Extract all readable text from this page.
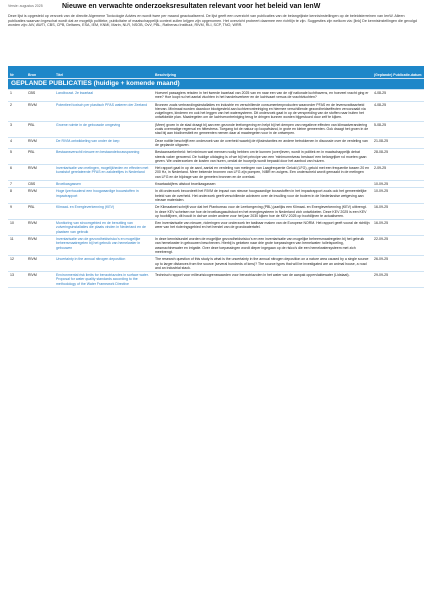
Versie: augustus 2025	Nieuwe en verwachte onderzoeksresultaten relevant voor het beleid van IenW
Deze lijst is opgesteld op verzoek van de directie Algemene Toxicologie Advies en wordt twee per maand geactualiseerd. De lijst geeft een overzicht van publicaties van de belangrijkste kennisinstellingen op de beleidsterreinen van IenW. Alleen publicaties waarvan ingeschat wordt dat ze mogelijk politieke, publicitaire of maatschappelijk context zullen krijgen zijn opgenomen. Het overzicht probeert daarmee een richtlijn te zijn. Suggesties zijn welkom via: [link] De kennisinstellingen die gevolgd worden zijn: AIV, AWTI, CBS, CPB, Deltares, ESA, IEM, KNMI, Marin, NLR, NSOB, OvV, PBL, Rathenau Instituut, RIVM, RLI, SCP, TNO, WRR.
Nr	Bron	Titel	Beschrijving	(Geplande) Publicatie-datum
GEPLANDE PUBLICATIES (huidige + komende maand)				
1	CBS	Landbouwt. 2e kwartaal	Hoeveel passagiers reisden in het tweede kwartaal van 2025 van en naar een van de vijf nationale luchthavens, en hoeveel vracht ging er mee? Hoe loopt nu het aantal vluchten in het handelsverkeer en de luchtvaart versus de vrachtvluchten?	4-08-25
2	RIVM	Potentieel toxisch per plastisch PFAS wateren der Zeeland	Bronnen zoals verbrandingsinstallaties en industrie en verschillende consumentenproducten waaronder PFAS en de levensvatbaarheid hiervan. Minimaal worden daardoor blootgesteld aan luchtverontreiniging en hiermee verschillende gezondheidseffecten veroorzaakt via zuigelingen, kinderen en ook het leggen van het watersysteem. Dit onderzoek gaat in op de verspreiding van de stoffen naar buiten het ontwikkelde plan. Maatregelen om de luchtverontreiniging terug te dringen kunnen worden bijgestuurd door zelf te kijken.	4-08-25
3	PBL	Groene ruimte in de gebouwde omgeving	(Meer) groen in de stad draagt bij aan een gezonde leefomgeving en helpt bij het dempen van negatieve effecten van klimaatverandering zoals overmatige regenval en hittestress. Toegang tot de natuur op loopafstand, in grote en kleine gemeenten. Ook draagt het groen in de stad bij aan biodiversiteit en gemeenten nemen daar al maatregelen voor in de ontwerpen.	5-08-25
4	RIVM	De RIVM-ontwikkeling van onder de loep	Deze notitie beschrijft een onderzoek van de overheid waarbij de rijksinstanties en andere betrokkenen in discussie over de verdeling van de geplande uitgaven.	21-08-25
5	PBL	Bestaansverschil nieuwe en bestaandebouwspanning	Bestaanszekerheid: het minimum wat mensen nodig hebben om te kunnen (over)leven, wordt in politiek en in maatschappelijk debat steeds vaker genoemd. De huidige uitdaging is of we bij het principe van een 'minimumniveau bestaan' een belangrijker rol moeten gaan geven. We onderzoeken de kosten van huren, omdat de huurprijs wordt bepaald door het aanbod van huizen.	28-08-25
6	RIVM	Inventarisatie van metingen, mogelijkheden en effecten met kunststof gerelateerde PFAS en zakdeeltjes in Nederland	Het rapport gaat in op de aard, aantal en verdeling van metingen van Laagfrequente Geluid (LFG), geluid met een frequentie tussen 20 en 200 Hz, in Nederland. Meer bekende bronnen van LFG zijn pompen, NIBR en zuigers. Een onderscheid wordt gemaakt in de metingen van LFG en de bijdrage van de gemeten bronnen en de overlast.	2-09-25
7	CBS	Broeikasgassen	Kwartaalcijfers uitstoot broeikasgassen	10-09-25
8	RIVM	Hoge ijzerhoudend een hoogwaardige bouwstoffen in impactrapport	In dit onderzoek beoordeelt het RIVM de impact van nieuwe hoogwaardige bouwstoffen in het impactrapport zoals ook het gemeentelijke beleid van de overheid. Het onderzoek geeft verschillende adviezen over de invulling voor de bodem in de Nederlandse wetgeving aan nieuwe materialen.	10-09-25
9	PBL	Klimaat- en Energieverkenning (KEV)	De Klimaatwet schrijft voor dat het Planbureau voor de Leefomgeving (PBL) jaarlijks een Klimaat- en Energieverkenning (KEV) uitbrengt. In deze KEV schetsen we hoe de broeikasgasuitstoot en het energiesysteem in Nederland zich ontwikkelen. Deze KEV 2025 is een KEV op hoofdlijnen, dit houdt in dat we onder andere voor het jaar 2030 kijken hoe de KEV 2025 op hoofdlijnen te actualiseren.	16-09-25
10	RIVM	Monitoring van stroomgebied en de benutting van zuiveringsinstallaties die plaats vinden in Nederland en de plaatsen van gebruik	Een inventarisatie van nieuwe, rioleringen voor onderzoek ter tastbaar maken van de Europese NORM. Het rapport geeft vooral de richtlijn weer van het rioleringsgebied en het herstel van de grondwatertafel.	16-09-25
11	RIVM	Inventarisatie van de gezondheidsrisico's en mogelijke beheersmaatregelen bij het gebruik van hemelwater in gebouwen	In deze kennisbundel worden de mogelijke gezondheidsrisico's en een inventarisatie van mogelijke beheersmaatregelen bij het gebruik van hemelwater in gebouwen beschreven. Hierbij is gekeken naar drie grote toepassingen van hemelwater: toiletspoeling, wasmachinewater en irrigatie. Over deze toepassingen wordt dieper ingegaan op de risico's die een hemelwatersysteem met zich meebrengt.	22-09-25
12	RIVM	Uncertainty in the annual nitrogen deposition	The research question of this study is what is the uncertainty in the annual nitrogen deposition on a nature area caused by a single source up to larger distances from the source (several hundreds of kms)? The source types that will be investigated are an animal house, a road and an industrial stack.	26-09-25
13	RIVM	Environmental risk limits for benzotriazoles in surface water. Proposal for water quality standards according to the methodology of the Water Framework Directive	Technisch rapport voor milieurisicogrenswaarden voor benzotriazolen in het water van de aanpak oppervlaktewater (Lidstaat).	29-09-25
